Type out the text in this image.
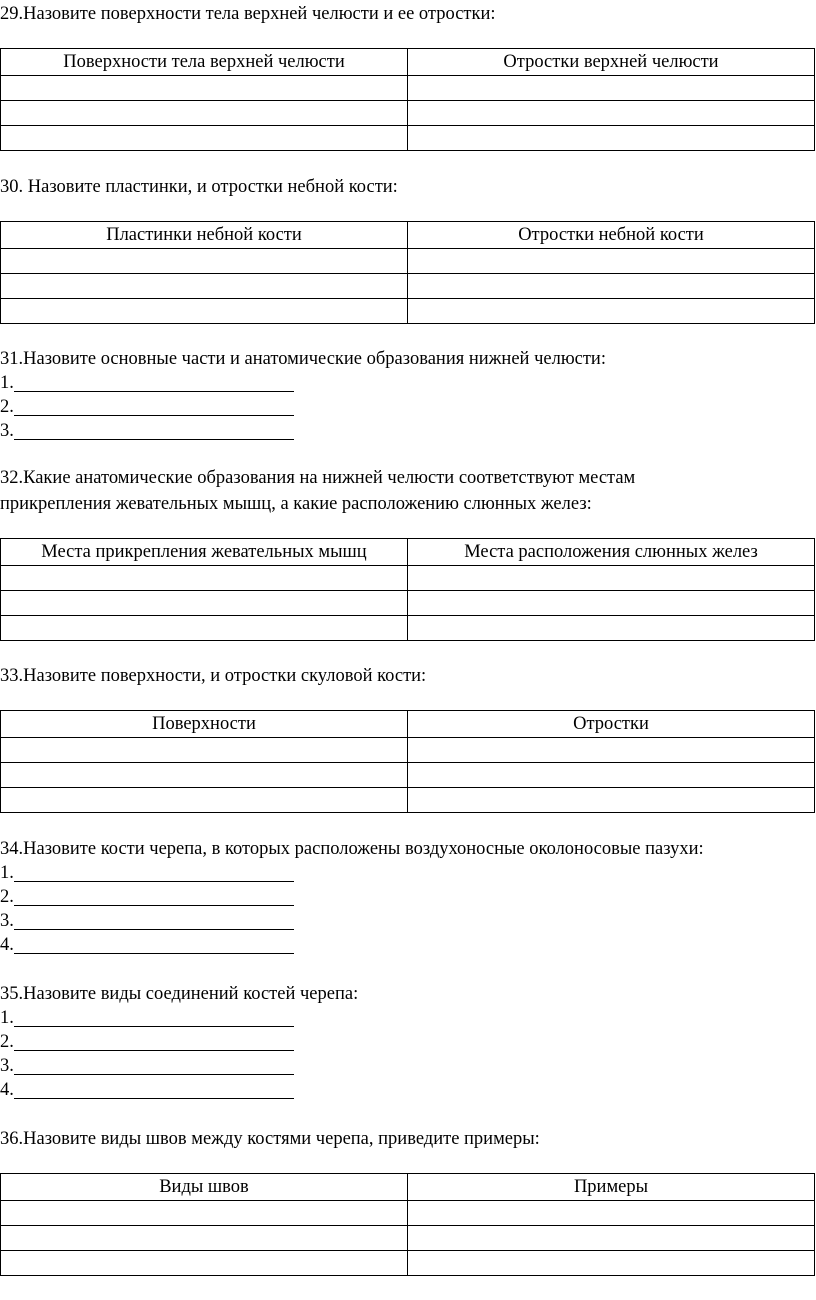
29.Назовите поверхности тела верхней челюсти и ее отростки:

Поверхности тела верхней челюсти	Отростки верхней челюсти

30. Назовите пластинки, и отростки небной кости:

Пластинки небной кости	Отростки небной кости

31.Назовите основные части и анатомические образования нижней челюсти:

1.
2.
3.

32.Какие анатомические образования на нижней челюсти соответствуют местам

прикрепления жевательных мышц, а какие расположению слюнных желез:

Места прикрепления жевательных мышц	Места расположения слюнных желез

33.Назовите поверхности, и отростки скуловой кости:

Поверхности	Отростки

34.Назовите кости черепа, в которых расположены воздухоносные околоносовые пазухи:

1.
2.
3.
4.

35.Назовите виды соединений костей черепа:

1.
2.
3.
4.

36.Назовите виды швов между костями черепа, приведите примеры:

Виды швов	Примеры
